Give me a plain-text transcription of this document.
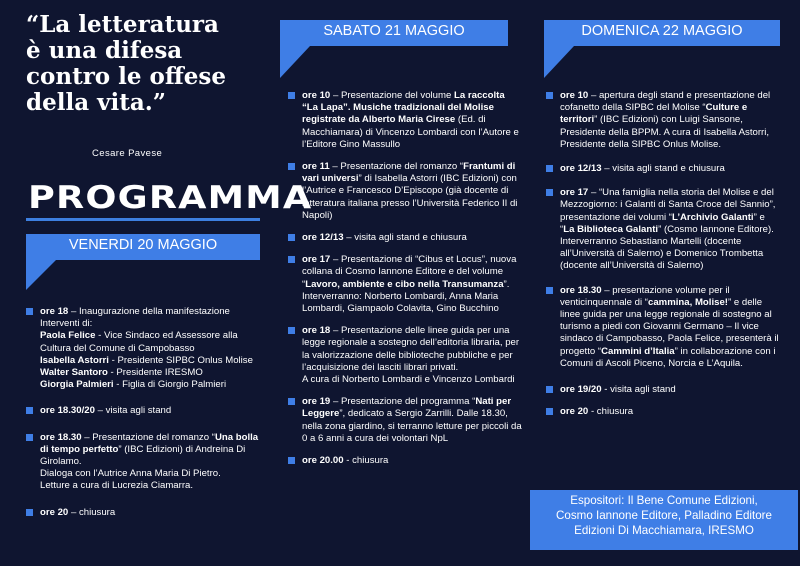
“La letteratura
è una difesa
contro le offese
della vita.”
Cesare Pavese
PROGRAMMA
VENERDI 20 MAGGIO
ore 18 – Inaugurazione della manifestazione
Interventi di:
Paola Felice - Vice Sindaco ed Assessore alla Cultura del Comune di Campobasso
Isabella Astorri - Presidente SIPBC Onlus Molise
Walter Santoro - Presidente IRESMO
Giorgia Palmieri - Figlia di Giorgio Palmieri
ore 18.30/20 – visita agli stand
ore 18.30 – Presentazione del romanzo “Una bolla di tempo perfetto” (IBC Edizioni) di Andreina Di Girolamo.
Dialoga con l’Autrice Anna Maria Di Pietro.
Letture a cura di Lucrezia Ciamarra.
ore 20 – chiusura
SABATO 21 MAGGIO
ore 10 – Presentazione del volume La raccolta “La Lapa”. Musiche tradizionali del Molise registrate da Alberto Maria Cirese (Ed. di Macchiamara) di Vincenzo Lombardi con l’Autore e l’Editore Gino Massullo
ore 11 – Presentazione del romanzo “Frantumi di vari universi” di Isabella Astorri (IBC Edizioni) con l’Autrice e Francesco D’Episcopo (già docente di letteratura italiana presso l’Università Federico II di Napoli)
ore 12/13 – visita agli stand e chiusura
ore 17 – Presentazione di “Cibus et Locus”, nuova collana di Cosmo Iannone Editore e del volume “Lavoro, ambiente e cibo nella Transumanza”. Interverranno: Norberto Lombardi, Anna Maria Lombardi, Giampaolo Colavita, Gino Bucchino
ore 18 – Presentazione delle linee guida per una legge regionale a sostegno dell’editoria libraria, per la valorizzazione delle biblioteche pubbliche e per l’acquisizione dei lasciti librari privati.
A cura di Norberto Lombardi e Vincenzo Lombardi
ore 19 – Presentazione del programma “Nati per Leggere”, dedicato a Sergio Zarrilli. Dalle 18.30, nella zona giardino, si terranno letture per piccoli da 0 a 6 anni a cura dei volontari NpL
ore 20.00 - chiusura
DOMENICA 22 MAGGIO
ore 10 – apertura degli stand e presentazione del cofanetto della SIPBC del Molise “Culture e territori” (IBC Edizioni) con Luigi Sansone, Presidente della BPPM. A cura di Isabella Astorri, Presidente della SIPBC Onlus Molise.
ore 12/13 – visita agli stand e chiusura
ore 17 – “Una famiglia nella storia del Molise e del Mezzogiorno: i Galanti di Santa Croce del Sannio”, presentazione dei volumi “L’Archivio Galanti” e “La Biblioteca Galanti” (Cosmo Iannone Editore). Interverranno Sebastiano Martelli (docente all’Università di Salerno) e Domenico Trombetta (docente all’Università di Salerno)
ore 18.30 – presentazione volume per il venticinquennale di “cammina, Molise!” e delle linee guida per una legge regionale di sostegno al turismo a piedi con Giovanni Germano – Il vice sindaco di Campobasso, Paola Felice, presenterà il progetto “Cammini d’Italia” in collaborazione con i Comuni di Ascoli Piceno, Norcia e L’Aquila.
ore 19/20 - visita agli stand
ore 20 - chiusura
Espositori: Il Bene Comune Edizioni,
Cosmo Iannone Editore, Palladino Editore
Edizioni Di Macchiamara, IRESMO
